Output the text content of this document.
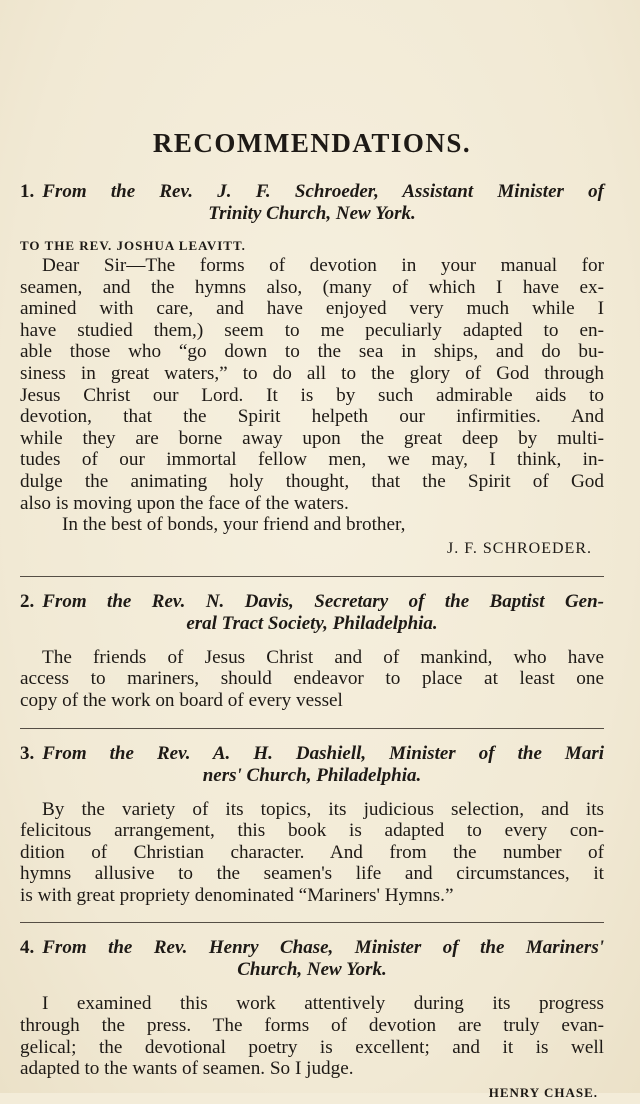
RECOMMENDATIONS.
1. From the Rev. J. F. Schroeder, Assistant Minister of
Trinity Church, New York.
TO THE REV. JOSHUA LEAVITT.
Dear Sir—The forms of devotion in your manual for
seamen, and the hymns also, (many of which I have ex-
amined with care, and have enjoyed very much while I
have studied them,) seem to me peculiarly adapted to en-
able those who “go down to the sea in ships, and do bu-
siness in great waters,” to do all to the glory of God through
Jesus Christ our Lord. It is by such admirable aids to
devotion, that the Spirit helpeth our infirmities. And
while they are borne away upon the great deep by multi-
tudes of our immortal fellow men, we may, I think, in-
dulge the animating holy thought, that the Spirit of God
also is moving upon the face of the waters.
In the best of bonds, your friend and brother,
J. F. SCHROEDER.
2. From the Rev. N. Davis, Secretary of the Baptist Gen-
eral Tract Society, Philadelphia.
The friends of Jesus Christ and of mankind, who have
access to mariners, should endeavor to place at least one
copy of the work on board of every vessel
3. From the Rev. A. H. Dashiell, Minister of the Mari
ners' Church, Philadelphia.
By the variety of its topics, its judicious selection, and its
felicitous arrangement, this book is adapted to every con-
dition of Christian character. And from the number of
hymns allusive to the seamen's life and circumstances, it
is with great propriety denominated “Mariners' Hymns.”
4. From the Rev. Henry Chase, Minister of the Mariners'
Church, New York.
I examined this work attentively during its progress
through the press. The forms of devotion are truly evan-
gelical; the devotional poetry is excellent; and it is well
adapted to the wants of seamen. So I judge.
HENRY CHASE.
